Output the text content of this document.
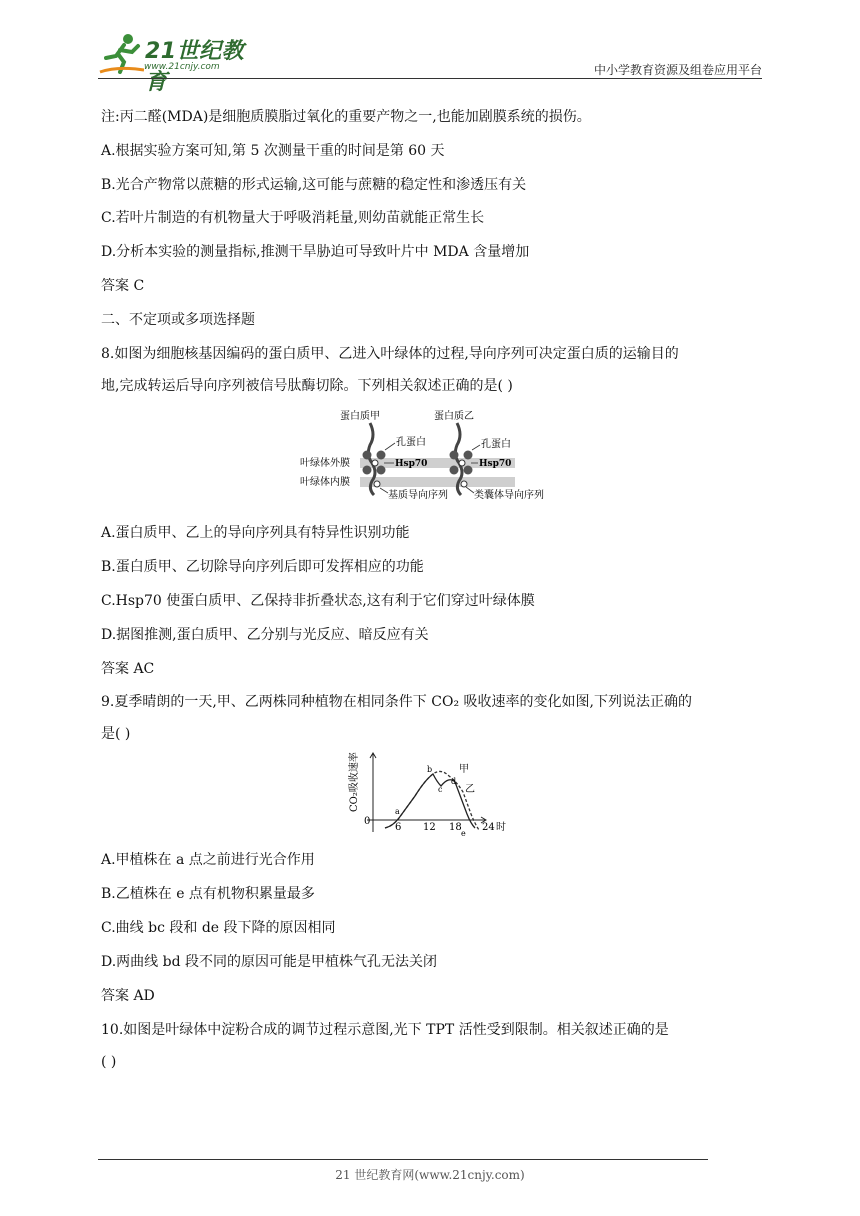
21世纪教育
www.21cnjy.com	中小学教育资源及组卷应用平台
注:丙二醛(MDA)是细胞质膜脂过氧化的重要产物之一,也能加剧膜系统的损伤。
A.根据实验方案可知,第 5 次测量干重的时间是第 60 天
B.光合产物常以蔗糖的形式运输,这可能与蔗糖的稳定性和渗透压有关
C.若叶片制造的有机物量大于呼吸消耗量,则幼苗就能正常生长
D.分析本实验的测量指标,推测干旱胁迫可导致叶片中 MDA 含量增加
答案 C
二、不定项或多项选择题
8.如图为细胞核基因编码的蛋白质甲、乙进入叶绿体的过程,导向序列可决定蛋白质的运输目的
地,完成转运后导向序列被信号肽酶切除。下列相关叙述正确的是( )
蛋白质甲	蛋白质乙
孔蛋白	孔蛋白
Hsp70	Hsp70
叶绿体外膜
叶绿体内膜
基质导向序列	类囊体导向序列
A.蛋白质甲、乙上的导向序列具有特异性识别功能
B.蛋白质甲、乙切除导向序列后即可发挥相应的功能
C.Hsp70 使蛋白质甲、乙保持非折叠状态,这有利于它们穿过叶绿体膜
D.据图推测,蛋白质甲、乙分别与光反应、暗反应有关
答案 AC
9.夏季晴朗的一天,甲、乙两株同种植物在相同条件下 CO₂ 吸收速率的变化如图,下列说法正确的
是( )
CO₂吸收速率
0
6 12 18 24 时
甲
乙
a
b
c
d
e
A.甲植株在 a 点之前进行光合作用
B.乙植株在 e 点有机物积累量最多
C.曲线 bc 段和 de 段下降的原因相同
D.两曲线 bd 段不同的原因可能是甲植株气孔无法关闭
答案 AD
10.如图是叶绿体中淀粉合成的调节过程示意图,光下 TPT 活性受到限制。相关叙述正确的是
( )
21 世纪教育网(www.21cnjy.com)
